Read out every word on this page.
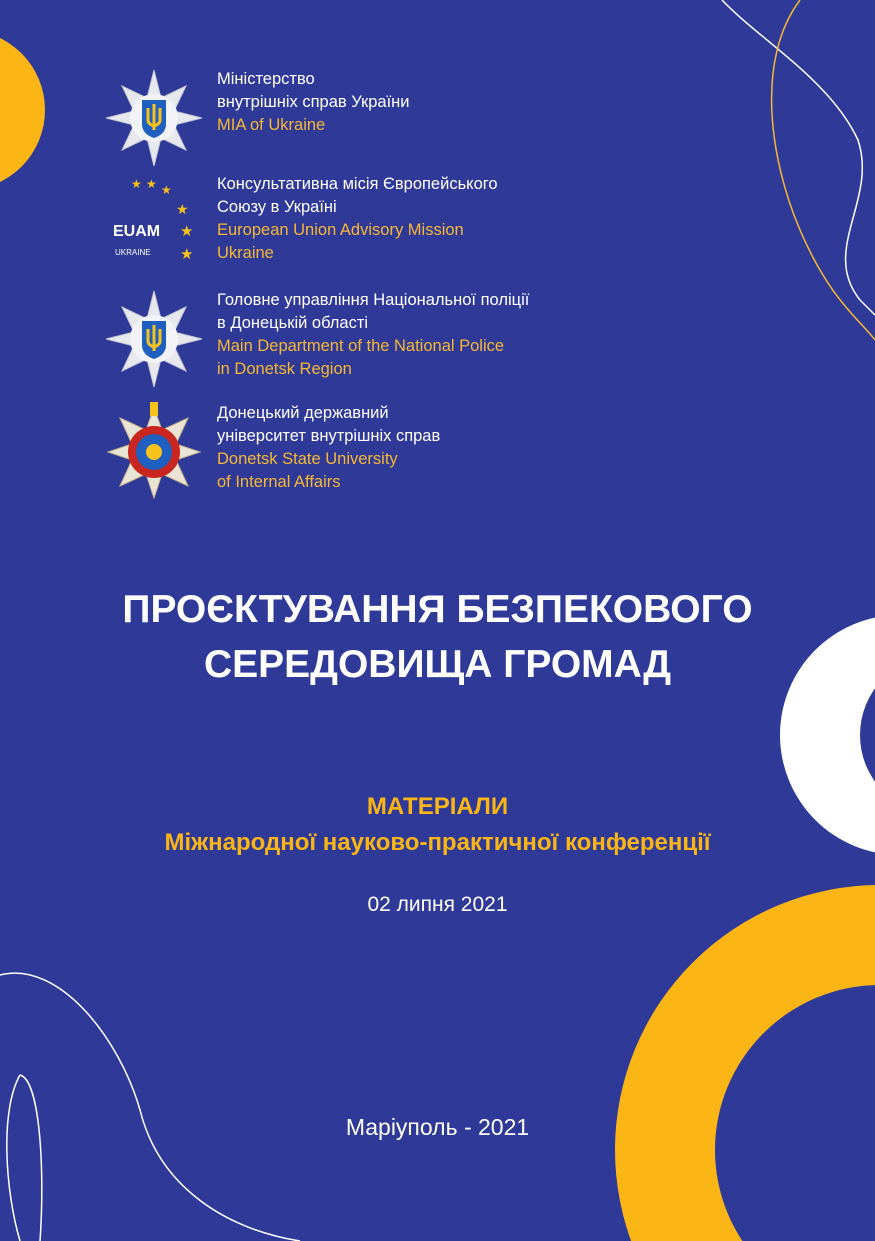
Міністерство
внутрішніх справ України
MIA of Ukraine
★ ★ ★
★
★
★
EUAM
UKRAINE
Консультативна місія Європейського
Союзу в Україні
European Union Advisory Mission
Ukraine
Головне управління Національної поліції
в Донецькій області
Main Department of the National Police
in Donetsk Region
Донецький державний
університет внутрішніх справ
Donetsk State University
of Internal Affairs
ПРОЄКТУВАННЯ БЕЗПЕКОВОГО
СЕРЕДОВИЩА ГРОМАД
МАТЕРІАЛИ
Міжнародної науково-практичної конференції
02 липня 2021
Маріуполь - 2021
